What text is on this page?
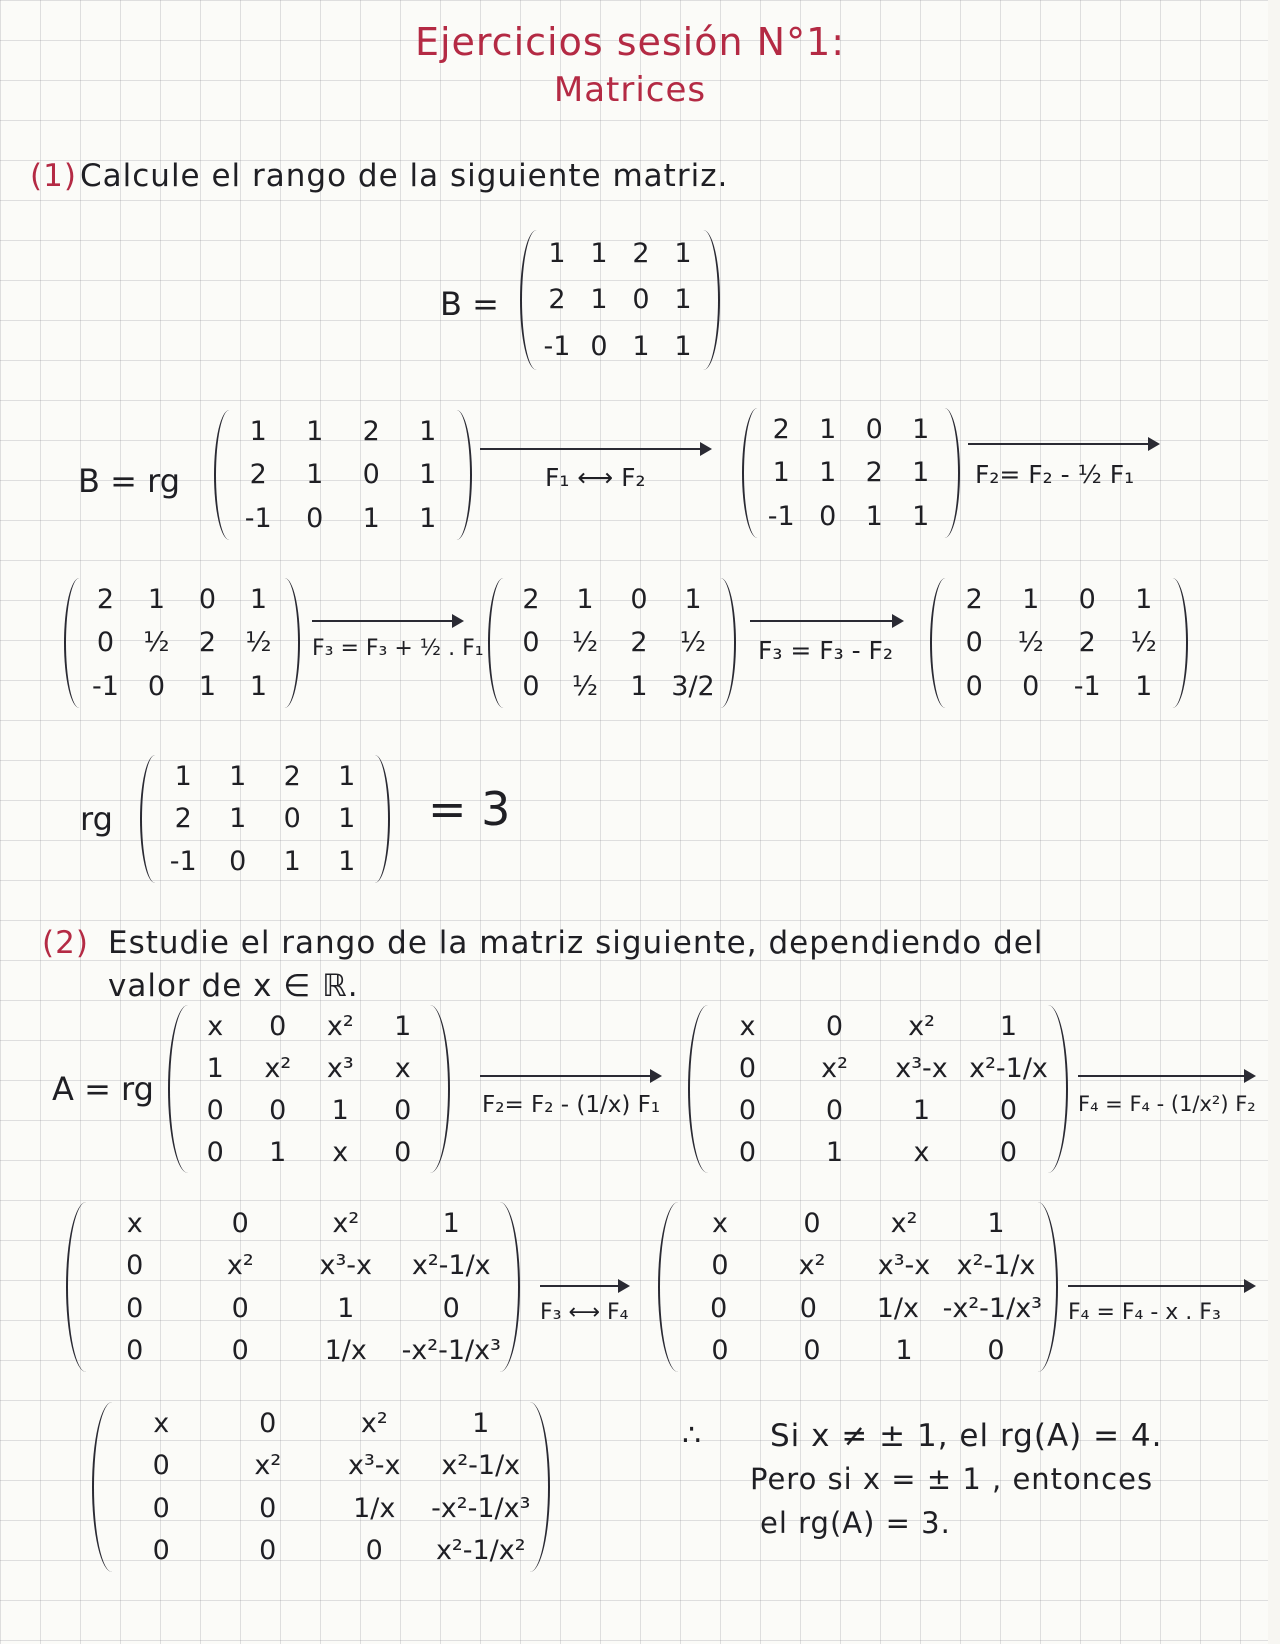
Ejercicios sesión N°1:
Matrices
(1) Calcule el rango de la siguiente matriz.
B =
1 1 2 1
2 1 0 1
-1 0 1 1
B = rg
1	1	2	1
2	1	0	1
-1	0	1	1
F₁ ⟷ F₂
2	1	0	1
1	1	2	1
-1 0	1	1
F₂= F₂ - ½ F₁
2	1	0	1
0	½	2	½
-1	0	1	1
F₃ = F₃ + ½ . F₁
2	1	0	1
0	½	2	½
0	½	1 3/2
F₃ = F₃ - F₂
2	1	0	1
0	½	2	½
0	0	-1	1
rg
1	1	2	1
2	1	0	1
-1	0	1	1
= 3
(2) Estudie el rango de la matriz siguiente, dependiendo del
valor de x ∈ ℝ.
A = rg
x	0	x²	1
1	x²	x³	x
0	0	1	0
0	1	x	0
F₂= F₂ - (1/x) F₁
x	0	x²	1
0	x²	x³-x x²-1/x
0	0	1	0
0	1	x	0
F₄ = F₄ - (1/x²) F₂
x	0	x²	1
0	x²	x³-x	x²-1/x
0	0	1	0
0	0	1/x	-x²-1/x³
F₃ ⟷ F₄
x	0	x²	1
0	x²	x³-x x²-1/x
0	0	1/x -x²-1/x³
0	0	1	0
F₄ = F₄ - x . F₃
x	0	x²	1
0	x²	x³-x	x²-1/x
0	0	1/x	-x²-1/x³
0	0	0	x²-1/x²
∴ Si x ≠ ± 1, el rg(A) = 4.
Pero si x = ± 1 , entonces
el rg(A) = 3.
